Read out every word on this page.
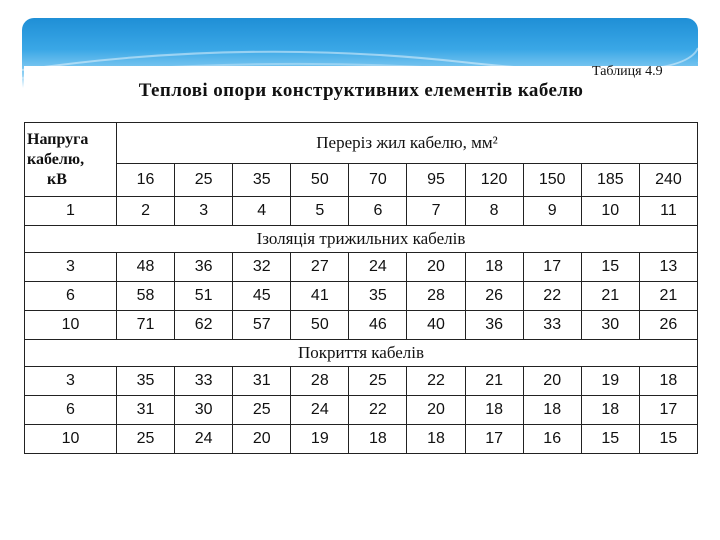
Таблиця 4.9
Теплові опори конструктивних елементів кабелю
Напруга
кабелю,
кВ	Переріз жил кабелю, мм²									
	16	25	35	50	70	95	120	150	185	240
1	2	3	4	5	6	7	8	9	10	11
Ізоляція трижильних кабелів										
3	48	36	32	27	24	20	18	17	15	13
6	58	51	45	41	35	28	26	22	21	21
10	71	62	57	50	46	40	36	33	30	26
Покриття кабелів										
3	35	33	31	28	25	22	21	20	19	18
6	31	30	25	24	22	20	18	18	18	17
10	25	24	20	19	18	18	17	16	15	15
